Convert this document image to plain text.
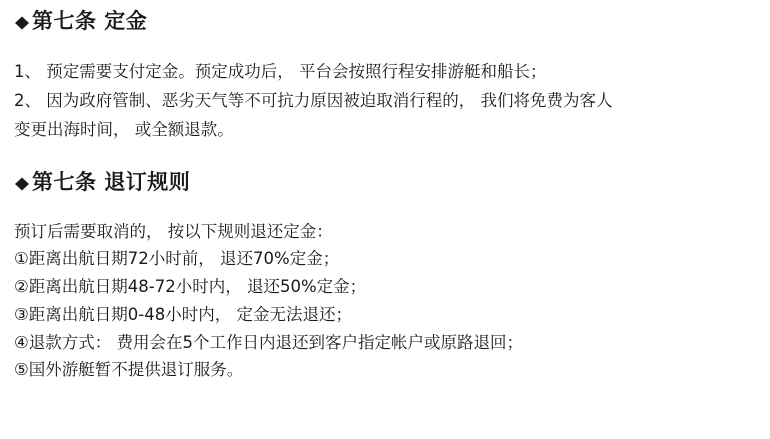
第七条 定金

1、 预定需要支付定金。预定成功后， 平台会按照行程安排游艇和船长；

2、 因为政府管制、恶劣天气等不可抗力原因被迫取消行程的， 我们将免费为客人

变更出海时间， 或全额退款。

第七条 退订规则

预订后需要取消的， 按以下规则退还定金：

①距离出航日期72小时前， 退还70%定金；

②距离出航日期48-72小时内， 退还50%定金；

③距离出航日期0-48小时内， 定金无法退还；

④退款方式： 费用会在5个工作日内退还到客户指定帐户或原路退回；

⑤国外游艇暂不提供退订服务。
